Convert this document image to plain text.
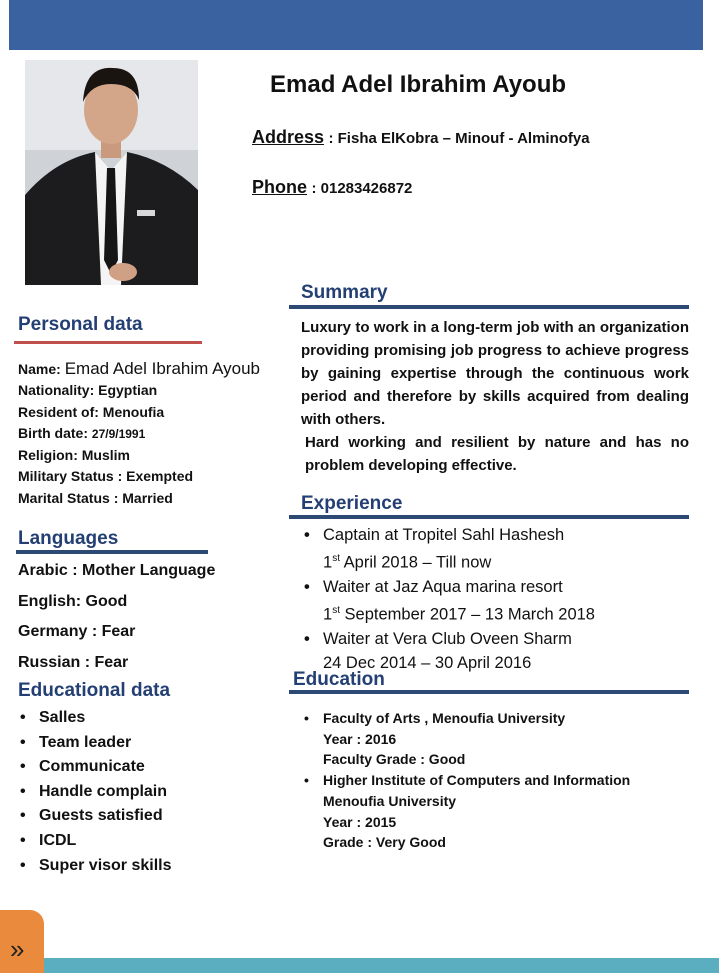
Emad Adel Ibrahim Ayoub
Address : Fisha ElKobra – Minouf - Alminofya
Phone : 01283426872
Personal data
Name: Emad Adel Ibrahim Ayoub
Nationality: Egyptian
Resident of: Menoufia
Birth date: 27/9/1991
Religion: Muslim
Military Status : Exempted
Marital Status : Married
Languages
Arabic : Mother Language
English: Good
Germany : Fear
Russian : Fear
Educational data
• Salles
• Team leader
• Communicate
• Handle complain
• Guests satisfied
• ICDL
• Super visor skills
Summary
Luxury to work in a long-term job with an organization providing promising job progress to achieve progress by gaining expertise through the continuous work period and therefore by skills acquired from dealing with others.
Hard working and resilient by nature and has no problem developing effective.
Experience
• Captain at Tropitel Sahl Hashesh
1st April 2018 – Till now
• Waiter at Jaz Aqua marina resort
1st September 2017 – 13 March 2018
• Waiter at Vera Club Oveen Sharm
24 Dec 2014 – 30 April 2016
Education
• Faculty of Arts , Menoufia University
Year : 2016
Faculty Grade : Good
• Higher Institute of Computers and Information
Menoufia University
Year : 2015
Grade : Very Good
»
